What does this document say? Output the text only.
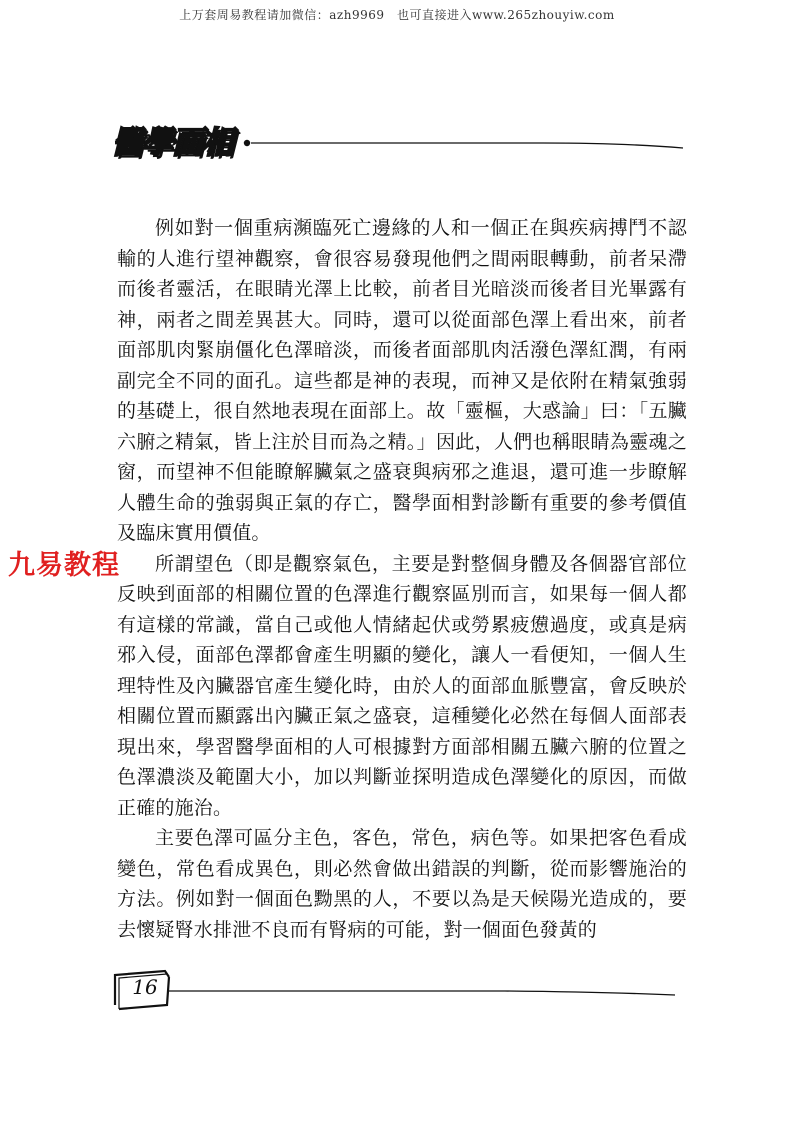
上万套周易教程请加微信：azh9969　也可直接进入www.265zhouyiw.com
醫學面相
九易教程

例如對一個重病瀕臨死亡邊緣的人和一個正在與疾病搏鬥不認輸的人進行望神觀察，會很容易發現他們之間兩眼轉動，前者呆滯而後者靈活，在眼睛光澤上比較，前者目光暗淡而後者目光畢露有神，兩者之間差異甚大。同時，還可以從面部色澤上看出來，前者面部肌肉緊崩僵化色澤暗淡，而後者面部肌肉活潑色澤紅潤，有兩副完全不同的面孔。這些都是神的表現，而神又是依附在精氣強弱的基礎上，很自然地表現在面部上。故「靈樞，大惑論」曰：「五臟六腑之精氣，皆上注於目而為之精。」因此，人們也稱眼睛為靈魂之窗，而望神不但能瞭解臟氣之盛衰與病邪之進退，還可進一步瞭解人體生命的強弱與正氣的存亡，醫學面相對診斷有重要的參考價值及臨床實用價值。

所謂望色（即是觀察氣色，主要是對整個身體及各個器官部位反映到面部的相關位置的色澤進行觀察區別而言，如果每一個人都有這樣的常識，當自己或他人情緒起伏或勞累疲憊過度，或真是病邪入侵，面部色澤都會產生明顯的變化，讓人一看便知，一個人生理特性及內臟器官產生變化時，由於人的面部血脈豐富，會反映於相關位置而顯露出內臟正氣之盛衰，這種變化必然在每個人面部表現出來，學習醫學面相的人可根據對方面部相關五臟六腑的位置之色澤濃淡及範圍大小，加以判斷並探明造成色澤變化的原因，而做正確的施治。

主要色澤可區分主色，客色，常色，病色等。如果把客色看成變色，常色看成異色，則必然會做出錯誤的判斷，從而影響施治的方法。例如對一個面色黝黑的人，不要以為是天候陽光造成的，要去懷疑腎水排泄不良而有腎病的可能，對一個面色發黃的

16
